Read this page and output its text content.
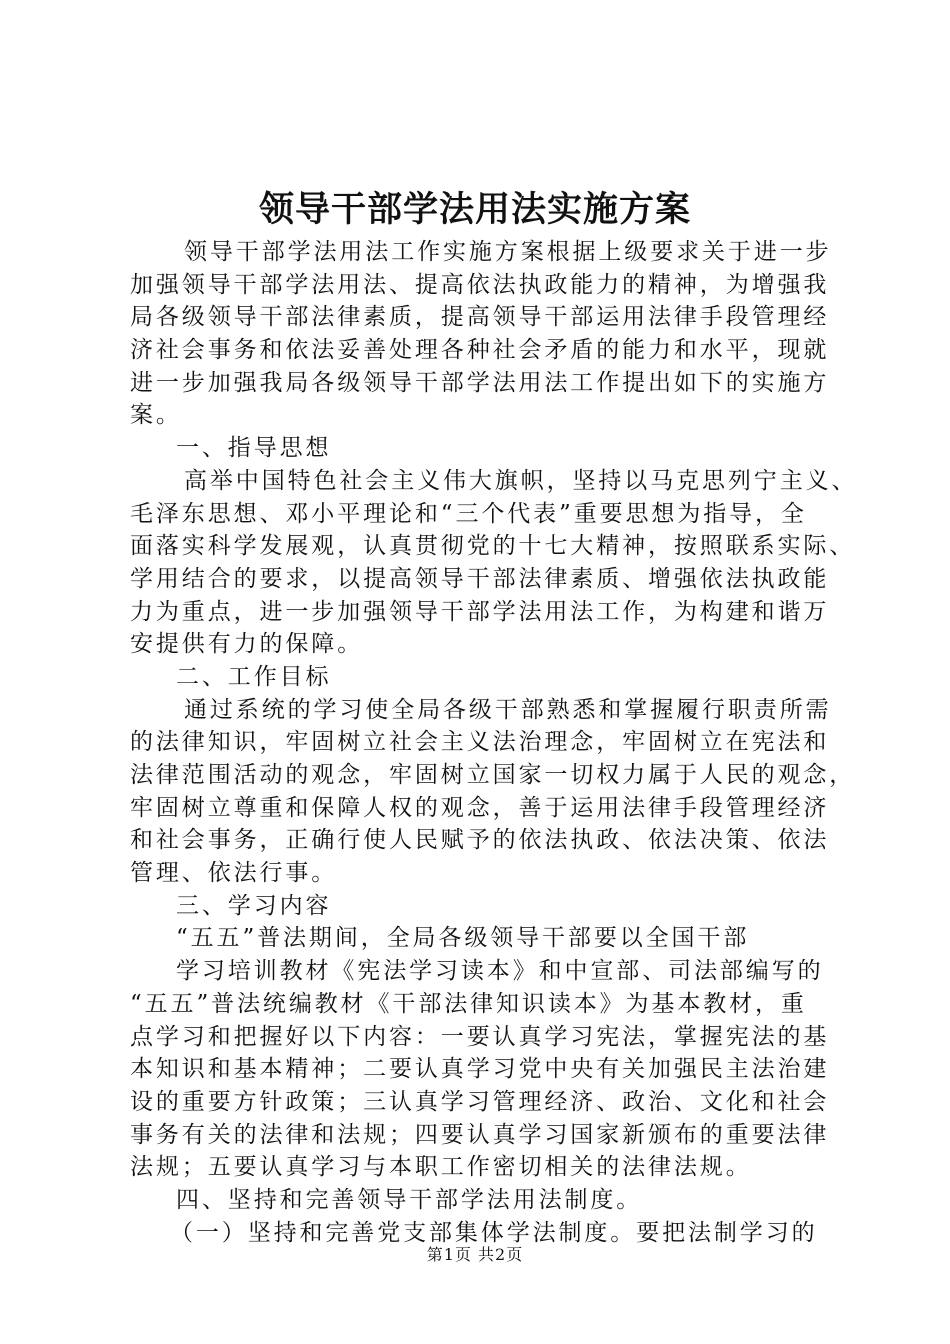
领导干部学法用法实施方案
领导干部学法用法工作实施方案根据上级要求关于进一步
加强领导干部学法用法、提高依法执政能力的精神，为增强我
局各级领导干部法律素质，提高领导干部运用法律手段管理经
济社会事务和依法妥善处理各种社会矛盾的能力和水平，现就
进一步加强我局各级领导干部学法用法工作提出如下的实施方
案。
一、指导思想
高举中国特色社会主义伟大旗帜，坚持以马克思列宁主义、
毛泽东思想、邓小平理论和“三个代表”重要思想为指导，全
面落实科学发展观，认真贯彻党的十七大精神，按照联系实际、
学用结合的要求，以提高领导干部法律素质、增强依法执政能
力为重点，进一步加强领导干部学法用法工作，为构建和谐万
安提供有力的保障。
二、工作目标
通过系统的学习使全局各级干部熟悉和掌握履行职责所需
的法律知识，牢固树立社会主义法治理念，牢固树立在宪法和
法律范围活动的观念，牢固树立国家一切权力属于人民的观念，
牢固树立尊重和保障人权的观念，善于运用法律手段管理经济
和社会事务，正确行使人民赋予的依法执政、依法决策、依法
管理、依法行事。
三、学习内容
“五五”普法期间，全局各级领导干部要以全国干部
学习培训教材《宪法学习读本》和中宣部、司法部编写的
“五五”普法统编教材《干部法律知识读本》为基本教材，重
点学习和把握好以下内容：一要认真学习宪法，掌握宪法的基
本知识和基本精神；二要认真学习党中央有关加强民主法治建
设的重要方针政策；三认真学习管理经济、政治、文化和社会
事务有关的法律和法规；四要认真学习国家新颁布的重要法律
法规；五要认真学习与本职工作密切相关的法律法规。
四、坚持和完善领导干部学法用法制度。
（一）坚持和完善党支部集体学法制度。要把法制学习的
第1页 共2页
